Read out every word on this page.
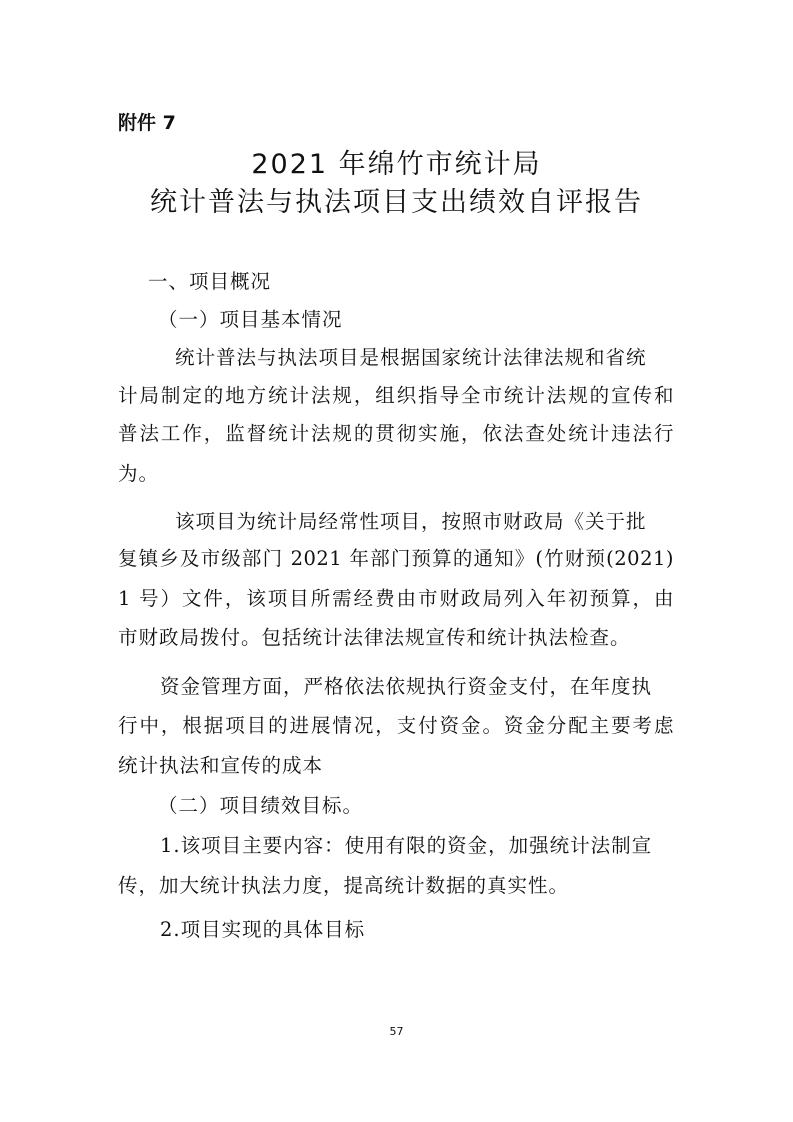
附件 7
2021 年绵竹市统计局
统计普法与执法项目支出绩效自评报告
一、项目概况
（一）项目基本情况
统计普法与执法项目是根据国家统计法律法规和省统
计局制定的地方统计法规，组织指导全市统计法规的宣传和
普法工作，监督统计法规的贯彻实施，依法查处统计违法行
为。
该项目为统计局经常性项目，按照市财政局《关于批
复镇乡及市级部门 2021 年部门预算的通知》(竹财预(2021)
1 号）文件，该项目所需经费由市财政局列入年初预算，由
市财政局拨付。包括统计法律法规宣传和统计执法检查。
资金管理方面，严格依法依规执行资金支付，在年度执
行中，根据项目的进展情况，支付资金。资金分配主要考虑
统计执法和宣传的成本
（二）项目绩效目标。
1.该项目主要内容：使用有限的资金，加强统计法制宣
传，加大统计执法力度，提高统计数据的真实性。
2.项目实现的具体目标
57
